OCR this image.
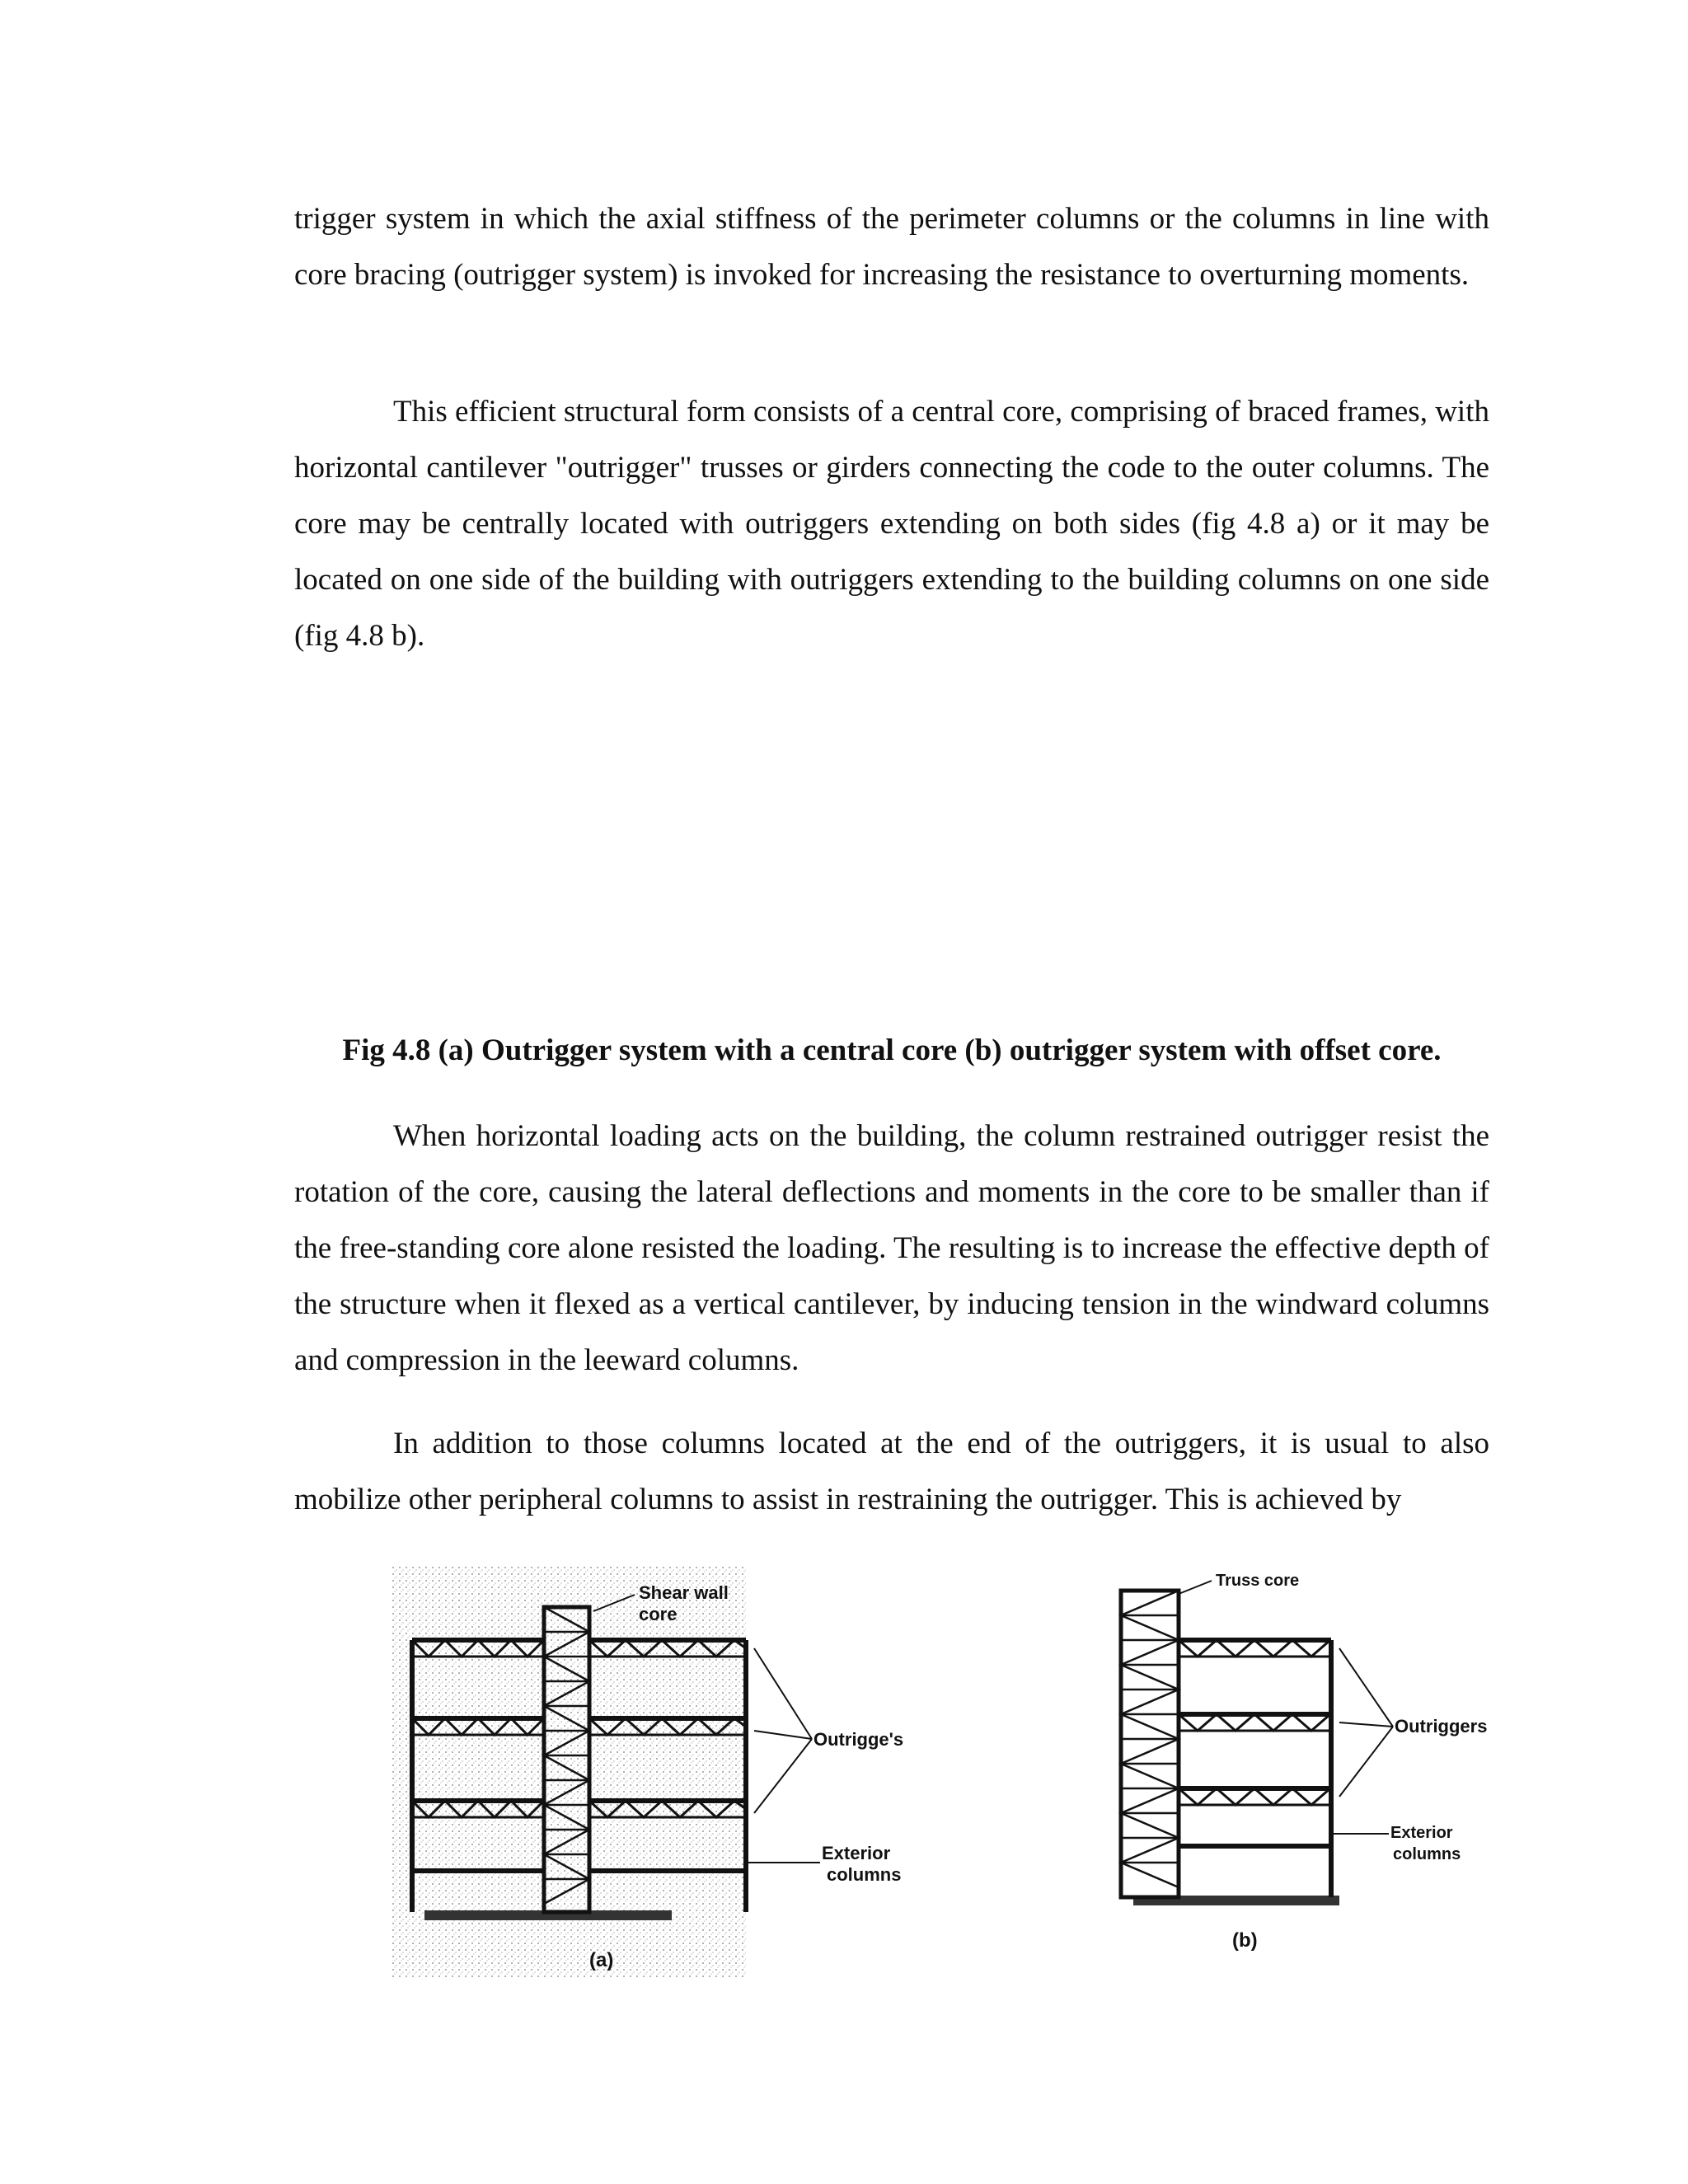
trigger system in which the axial stiffness of the perimeter columns or the columns in line with core bracing (outrigger system) is invoked for increasing the resistance to overturning moments.

This efficient structural form consists of a central core, comprising of braced frames, with horizontal cantilever "outrigger" trusses or girders connecting the code to the outer columns. The core may be centrally located with outriggers extending on both sides (fig 4.8 a) or it may be located on one side of the building with outriggers extending to the building columns on one side (fig 4.8 b).

Fig 4.8 (a) Outrigger system with a central core (b) outrigger system with offset core.

When horizontal loading acts on the building, the column restrained outrigger resist the rotation of the core, causing the lateral deflections and moments in the core to be smaller than if the free-standing core alone resisted the loading. The resulting is to increase the effective depth of the structure when it flexed as a vertical cantilever, by inducing tension in the windward columns and compression in the leeward columns.

In addition to those columns located at the end of the outriggers, it is usual to also mobilize other peripheral columns to assist in restraining the outrigger. This is achieved by

Shear wall
core
Outrigge's
Exterior
columns
(a)
Truss core
Outriggers
Exterior
columns
(b)
